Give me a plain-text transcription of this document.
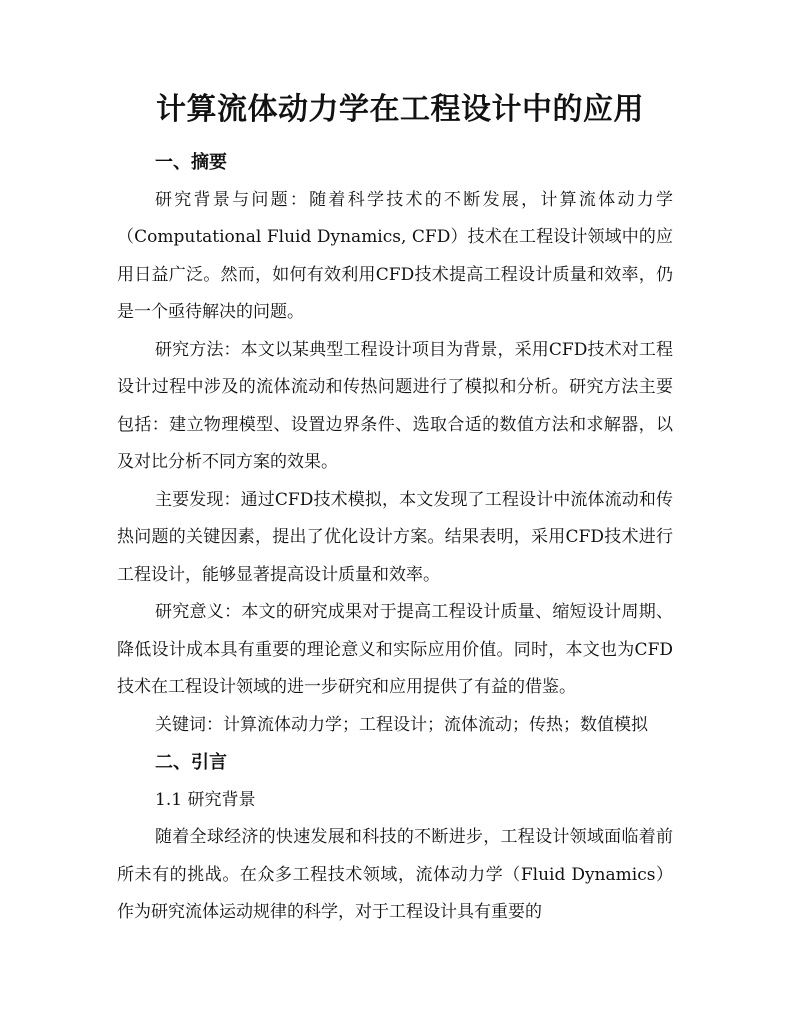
计算流体动力学在工程设计中的应用
一、摘要

研究背景与问题：随着科学技术的不断发展，计算流体动力学（Computational Fluid Dynamics, CFD）技术在工程设计领域中的应用日益广泛。然而，如何有效利用CFD技术提高工程设计质量和效率，仍是一个亟待解决的问题。

研究方法：本文以某典型工程设计项目为背景，采用CFD技术对工程设计过程中涉及的流体流动和传热问题进行了模拟和分析。研究方法主要包括：建立物理模型、设置边界条件、选取合适的数值方法和求解器，以及对比分析不同方案的效果。

主要发现：通过CFD技术模拟，本文发现了工程设计中流体流动和传热问题的关键因素，提出了优化设计方案。结果表明，采用CFD技术进行工程设计，能够显著提高设计质量和效率。

研究意义：本文的研究成果对于提高工程设计质量、缩短设计周期、降低设计成本具有重要的理论意义和实际应用价值。同时，本文也为CFD技术在工程设计领域的进一步研究和应用提供了有益的借鉴。

关键词：计算流体动力学；工程设计；流体流动；传热；数值模拟

二、引言

1.1 研究背景

随着全球经济的快速发展和科技的不断进步，工程设计领域面临着前所未有的挑战。在众多工程技术领域，流体动力学（Fluid Dynamics）作为研究流体运动规律的科学，对于工程设计具有重要的
